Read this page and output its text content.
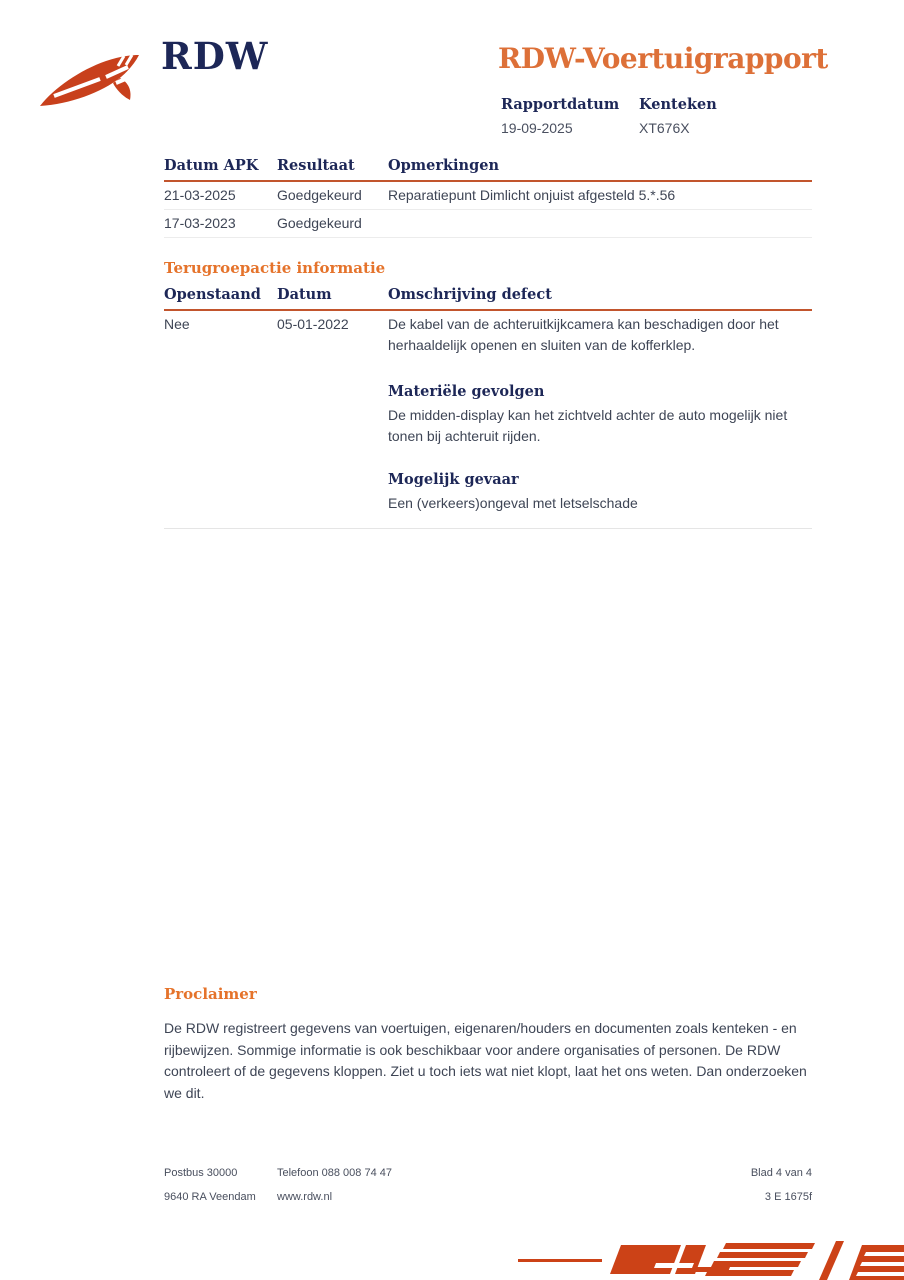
RDW	RDW-Voertuigrapport
Rapportdatum	Kenteken
19-09-2025	XT676X
Datum APK	Resultaat	Opmerkingen
21-03-2025	Goedgekeurd	Reparatiepunt Dimlicht onjuist afgesteld 5.*.56
17-03-2023	Goedgekeurd
Terugroepactie informatie
Openstaand	Datum	Omschrijving defect
Nee	05-01-2022	De kabel van de achteruitkijkcamera kan beschadigen door het herhaaldelijk openen en sluiten van de kofferklep.
Materiële gevolgen
De midden-display kan het zichtveld achter de auto mogelijk niet tonen bij achteruit rijden.
Mogelijk gevaar
Een (verkeers)ongeval met letselschade
Proclaimer

De RDW registreert gegevens van voertuigen, eigenaren/houders en documenten zoals kenteken - en rijbewijzen. Sommige informatie is ook beschikbaar voor andere organisaties of personen. De RDW controleert of de gegevens kloppen. Ziet u toch iets wat niet klopt, laat het ons weten. Dan onderzoeken we dit.

Postbus 30000	Telefoon 088 008 74 47	Blad 4 van 4
9640 RA Veendam	www.rdw.nl	3 E 1675f
